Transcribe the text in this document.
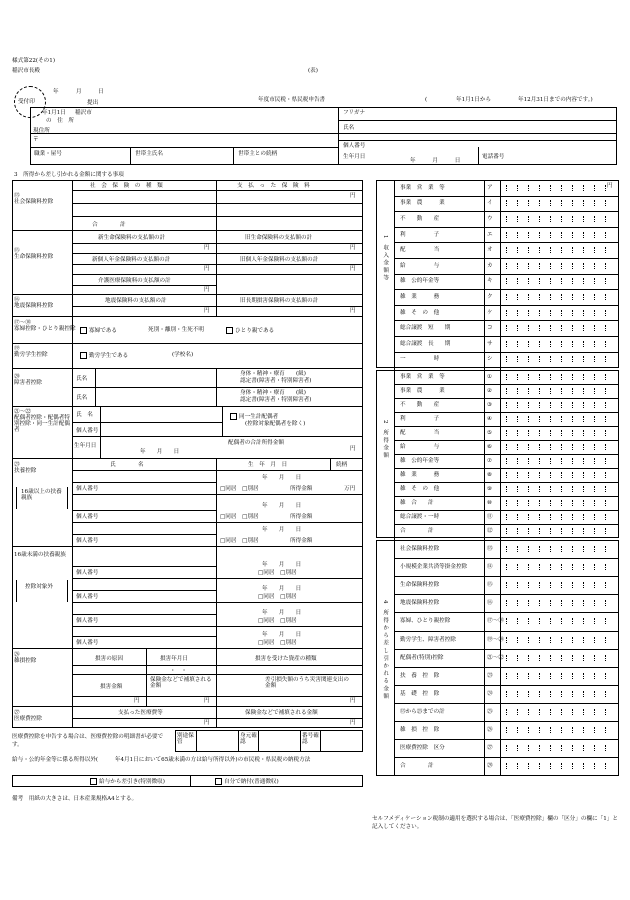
様式第22(その1)
稲沢市長殿	(表)
受付印
年	月	日
提出	年度市民税・県民税申告書	(	年1月1日から	年12月31日までの内容です。)
年1月1日 稲沢市
の　住　所
現住所
〒
フリガナ
氏名
個人番号
職業・屋号	世帯主氏名	世帯主との続柄	生年月日
年　　　月　　　日
電話番号
3　所得から差し引かれる金額に関する事項
社　会　保　険　の　種　類	支　払　っ　た　保　険　料
円
合　　　　計
⑬
社会保険料控除
⑮
生命保険料控除
新生命保険料の支払額の計	旧生命保険料の支払額の計
円	円
新個人年金保険料の支払額の計	旧個人年金保険料の支払額の計
円	円
介護医療保険料の支払額の計
円
⑯
地震保険料控除
地震保険料の支払額の計	旧長期損害保険料の支払額の計
円	円
⑰〜⑱
寡婦控除・ひとり親控除	寡婦である	死別・離別・生死不明	ひとり親である
⑲
勤労学生控除	勤労学生である	(学校名)
⑳
障害者控除
氏名
氏名
身体・精神・療育　　(級)
認定書(障害者・特別障害者)
身体・精神・療育　　(級)
認定書(障害者・特別障害者)
㉑〜㉒
配偶者控除・配偶者特別控除・同一生計配偶者
氏　名
個人番号
生年月日
年　　月　　日
同一生計配偶者
(控除対象配偶者を除く)
配偶者の合計所得金額
円
㉓
扶養控除
16歳以上の扶養親族
氏　　　　名	生　年　月　日	続柄
個人番号
年　　月　　日
□同居　□別居	所得金額	万円
個人番号
年　　月　　日
□同居　□別居	所得金額
個人番号
年　　月　　日
□同居　□別居	所得金額
16歳未満の扶養親族
控除対象外
個人番号
年　　月　　日
□同居　□別居
個人番号
年　　月　　日
□同居　□別居
個人番号
年　　月　　日
□同居　□別居
個人番号
年　　月　　日
□同居　□別居
㉖
雑損控除	損害の原因	損害年月日	損害を受けた資産の種類
・　・
損害金額
保険金などで補填される金額
差引損失額のうち災害関連支出の金額
円	円	円
㉗
医療費控除
支払った医療費等	保険金などで補填される金額
円	円
医療費控除を申告する場合は、医療費控除の明細書が必要です。
別途保管
身元確認
番号確認
給与・公的年金等に係る所得以外(　　　年4月1日において65歳未満の方は給与所得以外)の市民税・県民税の納税方法
給与から差引き(特別徴収)	自分で納付(普通徴収)
備考　用紙の大きさは、日本産業規格A4とする。
1 収入金額等
2 所得金額
4 所得から差し引かれる金額
事業　営　業　等	ア
事業　農　　　業	イ
不　　動　　産	ウ
利　　　　　子	エ
配　　　　　当	オ
給　　　　　与	カ
雑　公的年金等	キ
雑　業　　　務	ク
雑　そ　の　他	ケ
総合譲渡　短　　期	コ
総合譲渡　長　　期	サ
一　　　　　時	シ
事業　営　業　等	①
事業　農　　　業	②
不　　動　　産	③
利　　　　　子	④
配　　　　　当	⑤
給　　　　　与	⑥
雑　公的年金等	⑦
雑　業　　　務	⑧
雑　そ　の　他	⑨
雑　合　　計	⑩
総合譲渡・一時	⑪
合　　　　計	⑫
社会保険料控除	⑬
小規模企業共済等掛金控除	⑭
生命保険料控除	⑮
地震保険料控除	⑯
寡婦、ひとり親控除	⑰〜⑱
勤労学生、障害者控除	⑲〜⑳
配偶者(特別)控除	㉑〜㉒
扶　養　控　除	㉓
基　礎　控　除	㉔
⑬から㉕までの計	㉕
雑　損　控　除	㉖
医療費控除　区分	㉗
合　　　　計	㉘
円
セルフメディケーション税制の適用を選択する場合は、「医療費控除」欄の「区分」の欄に「1」と記入してください。
